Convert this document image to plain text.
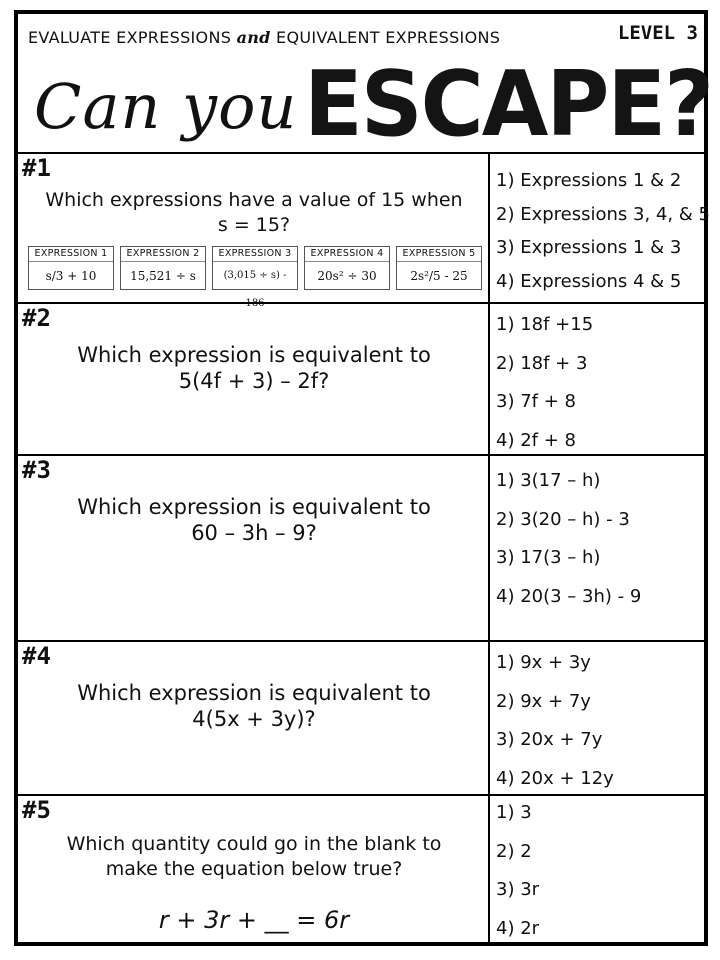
EVALUATE EXPRESSIONS and EQUIVALENT EXPRESSIONS	LEVEL 3
Can you ESCAPE?
#1
Which expressions have a value of 15 when
s = 15?
EXPRESSION 1
s/3 + 10
EXPRESSION 2
15,521 ÷ s
EXPRESSION 3
(3,015 ÷ s) - 186
EXPRESSION 4
20s² ÷ 30
EXPRESSION 5
2s²/5 - 25
1) Expressions 1 & 2
2) Expressions 3, 4, & 5
3) Expressions 1 & 3
4) Expressions 4 & 5
#2
Which expression is equivalent to
5(4f + 3) – 2f?
1) 18f +15
2) 18f + 3
3) 7f + 8
4) 2f + 8
#3
Which expression is equivalent to
60 – 3h – 9?
1) 3(17 – h)
2) 3(20 – h) - 3
3) 17(3 – h)
4) 20(3 – 3h) - 9
#4
Which expression is equivalent to
4(5x + 3y)?
1) 9x + 3y
2) 9x + 7y
3) 20x + 7y
4) 20x + 12y
#5
Which quantity could go in the blank to
make the equation below true?
r + 3r + __ = 6r
1) 3
2) 2
3) 3r
4) 2r
